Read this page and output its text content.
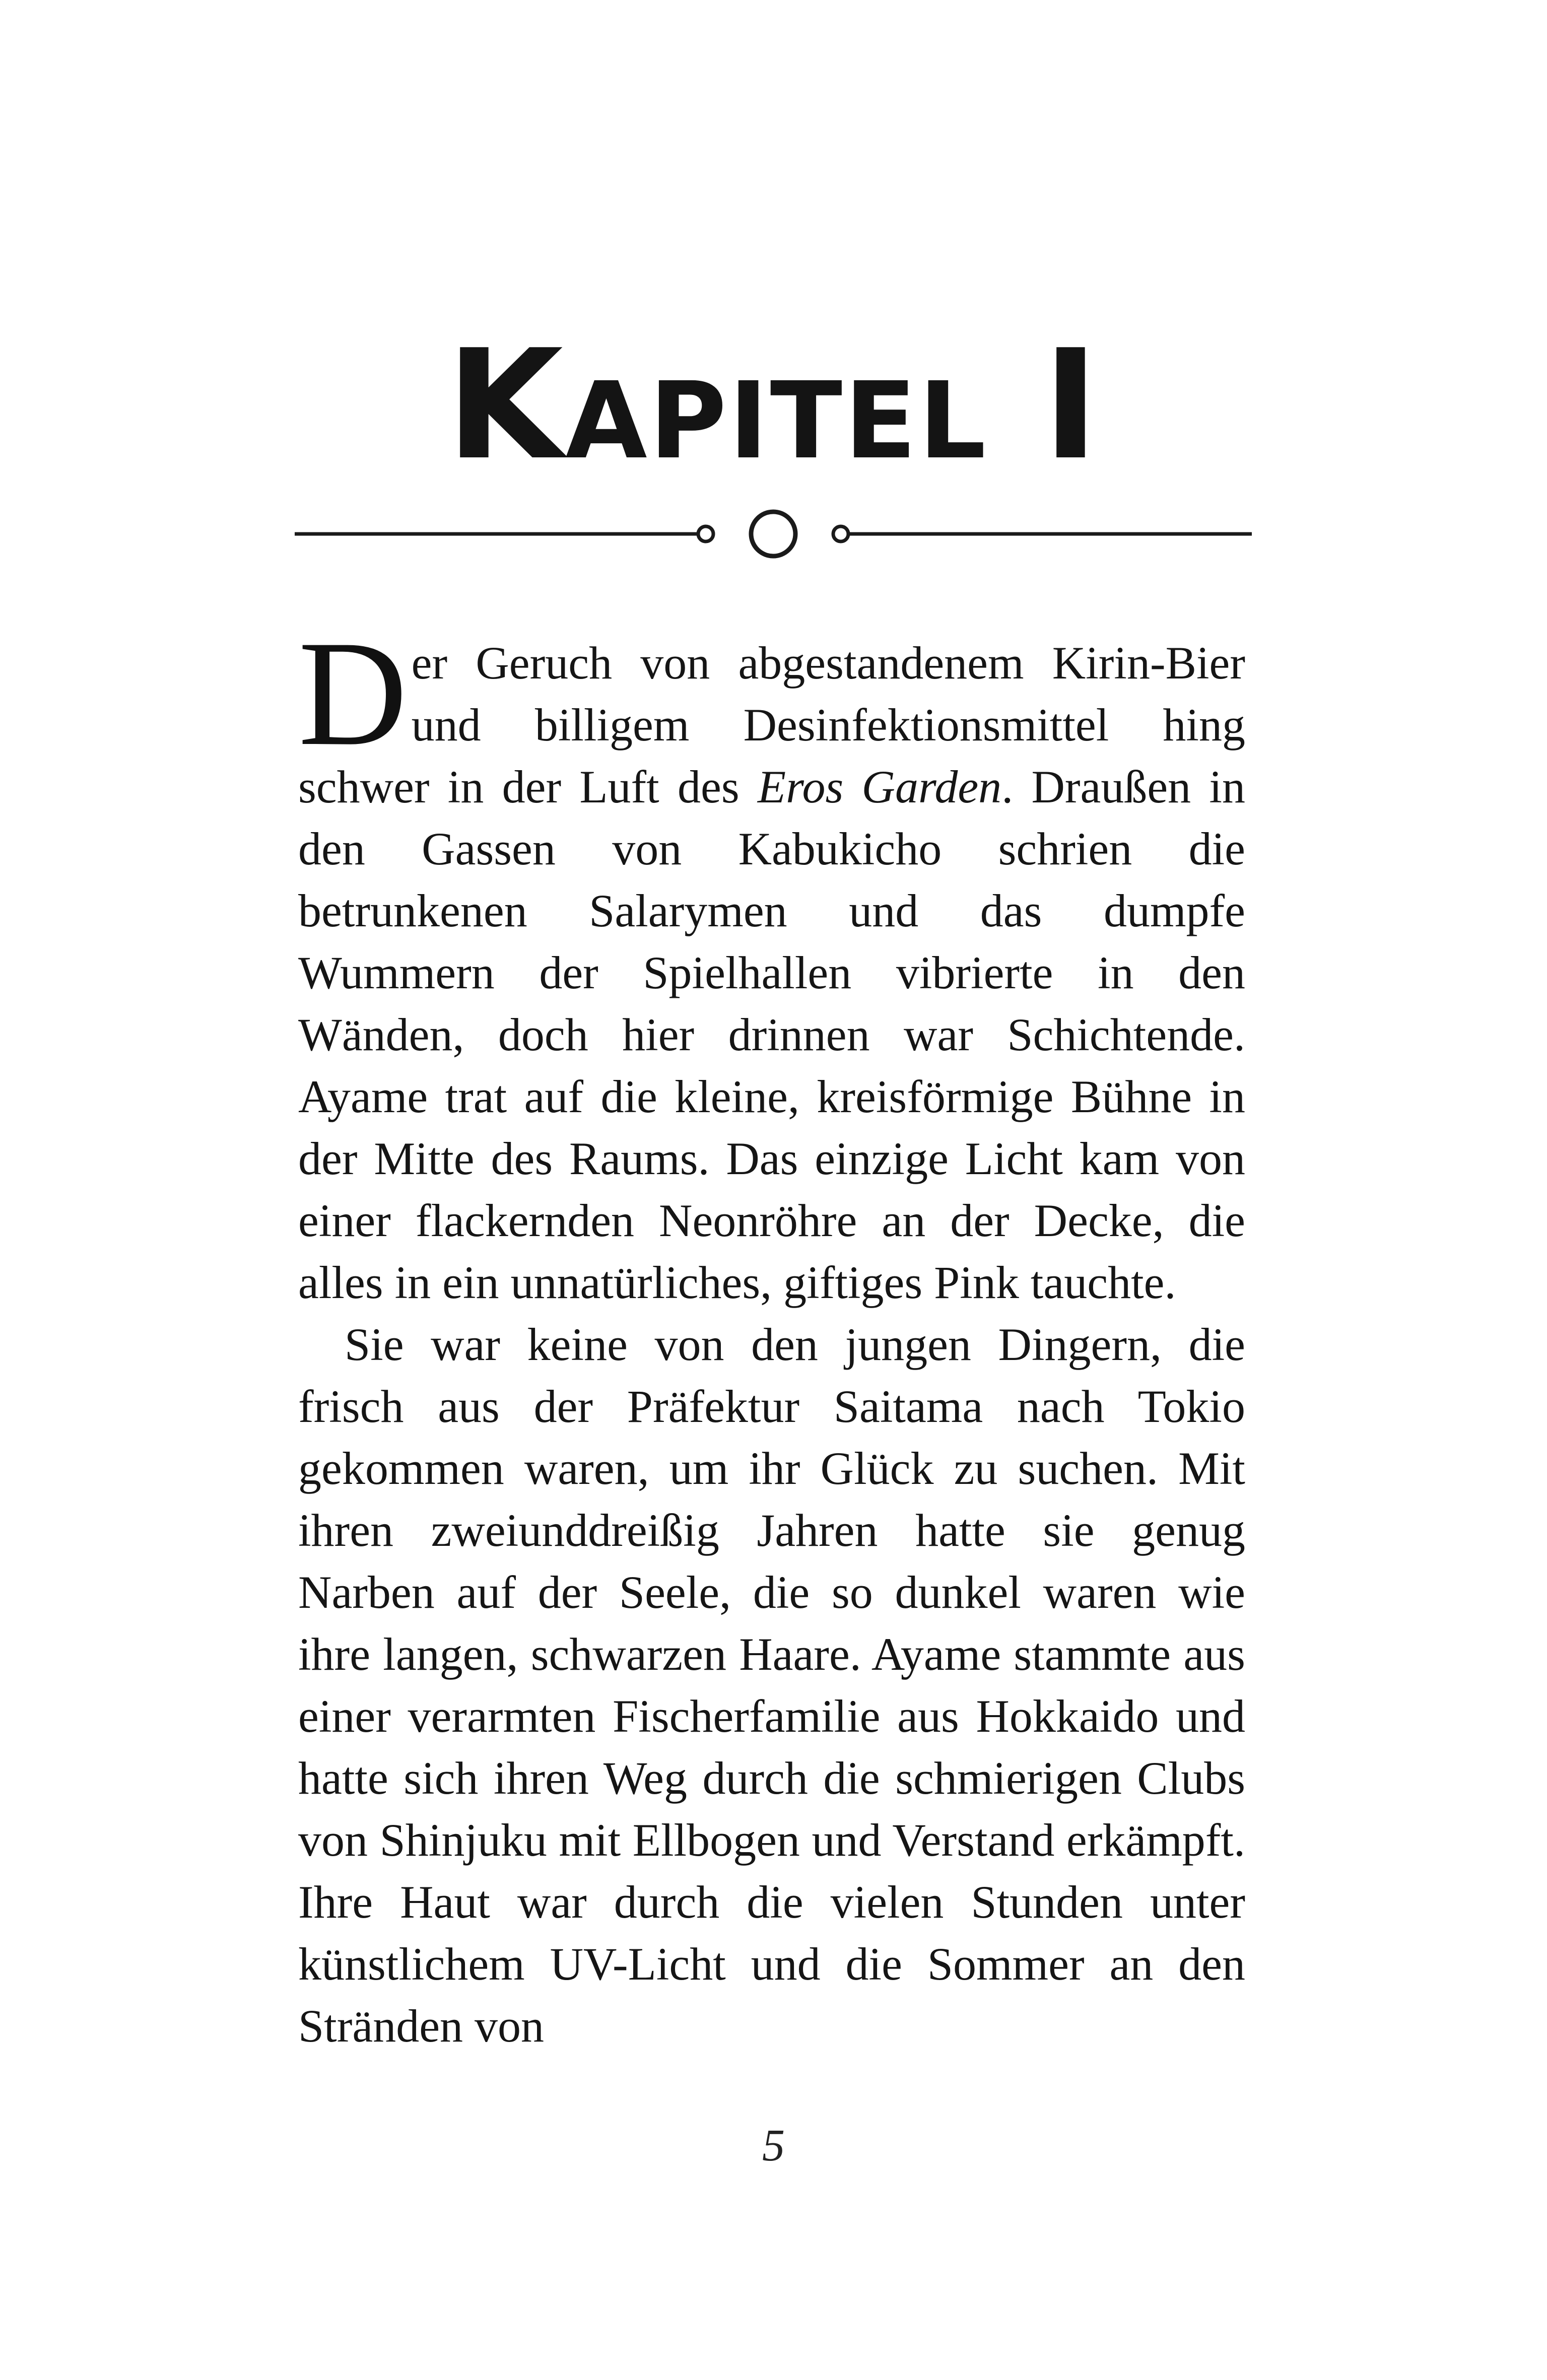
Kapitel I

Der Geruch von abgestandenem Kirin-Bier und billigem Desinfektionsmittel hing schwer in der Luft des Eros Garden. Draußen in den Gassen von Kabukicho schrien die betrunkenen Salarymen und das dumpfe Wummern der Spielhallen vibrierte in den Wänden, doch hier drinnen war Schichtende. Ayame trat auf die kleine, kreisförmige Bühne in der Mitte des Raums. Das einzige Licht kam von einer flackernden Neonröhre an der Decke, die alles in ein unnatürliches, giftiges Pink tauchte.

Sie war keine von den jungen Dingern, die frisch aus der Präfektur Saitama nach Tokio gekommen waren, um ihr Glück zu suchen. Mit ihren zweiunddreißig Jahren hatte sie genug Narben auf der Seele, die so dunkel waren wie ihre langen, schwarzen Haare. Ayame stammte aus einer verarmten Fischerfamilie aus Hokkaido und hatte sich ihren Weg durch die schmierigen Clubs von Shinjuku mit Ellbogen und Verstand erkämpft. Ihre Haut war durch die vielen Stunden unter künstlichem UV-Licht und die Sommer an den Stränden von

5
